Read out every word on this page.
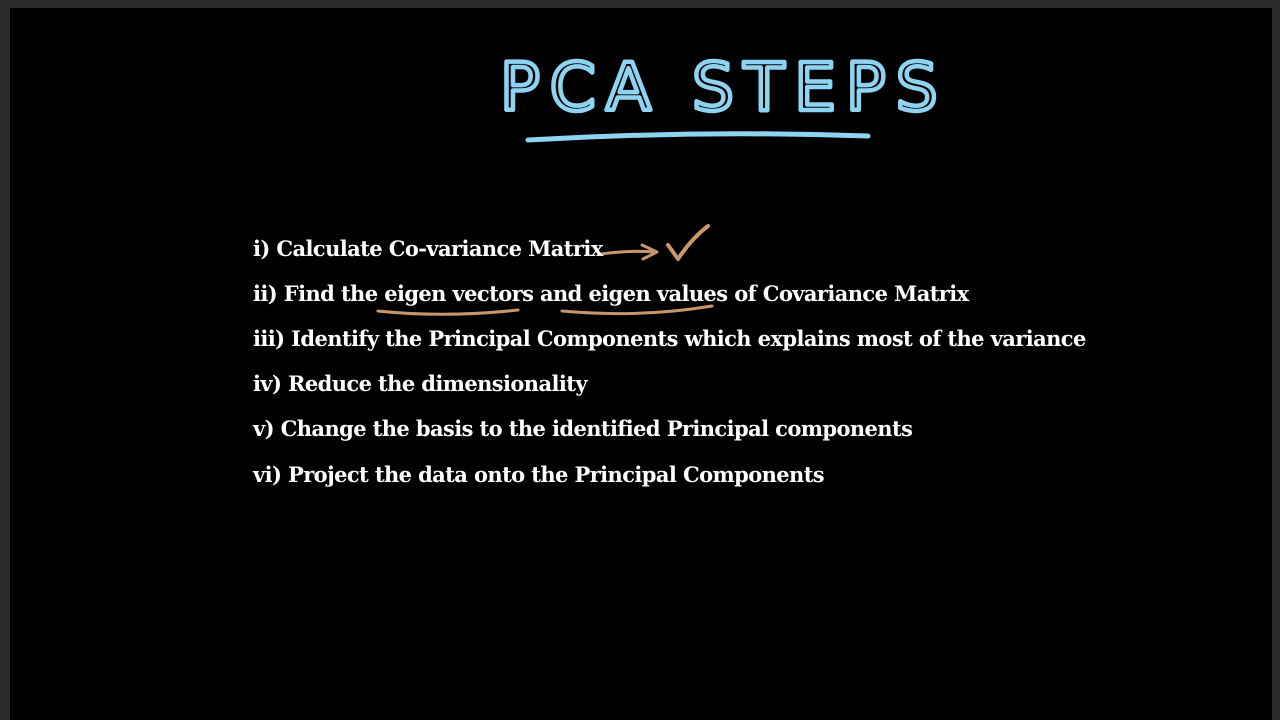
PCA STEPS

i) Calculate Co-variance Matrix

ii) Find the eigen vectors and eigen values of Covariance Matrix

iii) Identify the Principal Components which explains most of the variance

iv) Reduce the dimensionality

v) Change the basis to the identified Principal components

vi) Project the data onto the Principal Components
